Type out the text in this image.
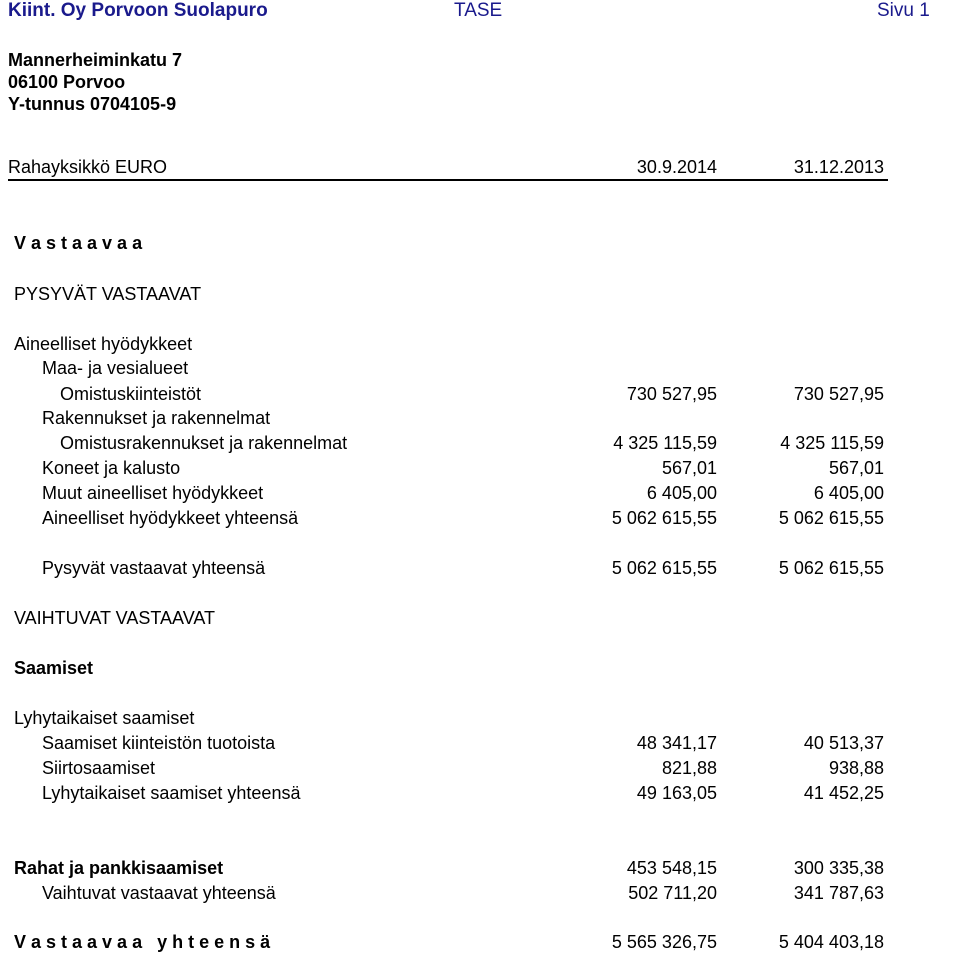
Kiint. Oy Porvoon Suolapuro	TASE	Sivu 1
Mannerheiminkatu 7
06100 Porvoo
Y-tunnus 0704105-9
Rahayksikkö EURO	30.9.2014	31.12.2013
V a s t a a v a a
PYSYVÄT VASTAAVAT
Aineelliset hyödykkeet
Maa- ja vesialueet
Omistuskiinteistöt	730 527,95	730 527,95
Rakennukset ja rakennelmat
Omistusrakennukset ja rakennelmat	4 325 115,59	4 325 115,59
Koneet ja kalusto	567,01	567,01
Muut aineelliset hyödykkeet	6 405,00	6 405,00
Aineelliset hyödykkeet yhteensä	5 062 615,55	5 062 615,55
Pysyvät vastaavat yhteensä	5 062 615,55	5 062 615,55
VAIHTUVAT VASTAAVAT
Saamiset
Lyhytaikaiset saamiset
Saamiset kiinteistön tuotoista	48 341,17	40 513,37
Siirtosaamiset	821,88	938,88
Lyhytaikaiset saamiset yhteensä	49 163,05	41 452,25
Rahat ja pankkisaamiset	453 548,15	300 335,38
Vaihtuvat vastaavat yhteensä	502 711,20	341 787,63
V a s t a a v a a   y h t e e n s ä	5 565 326,75	5 404 403,18
